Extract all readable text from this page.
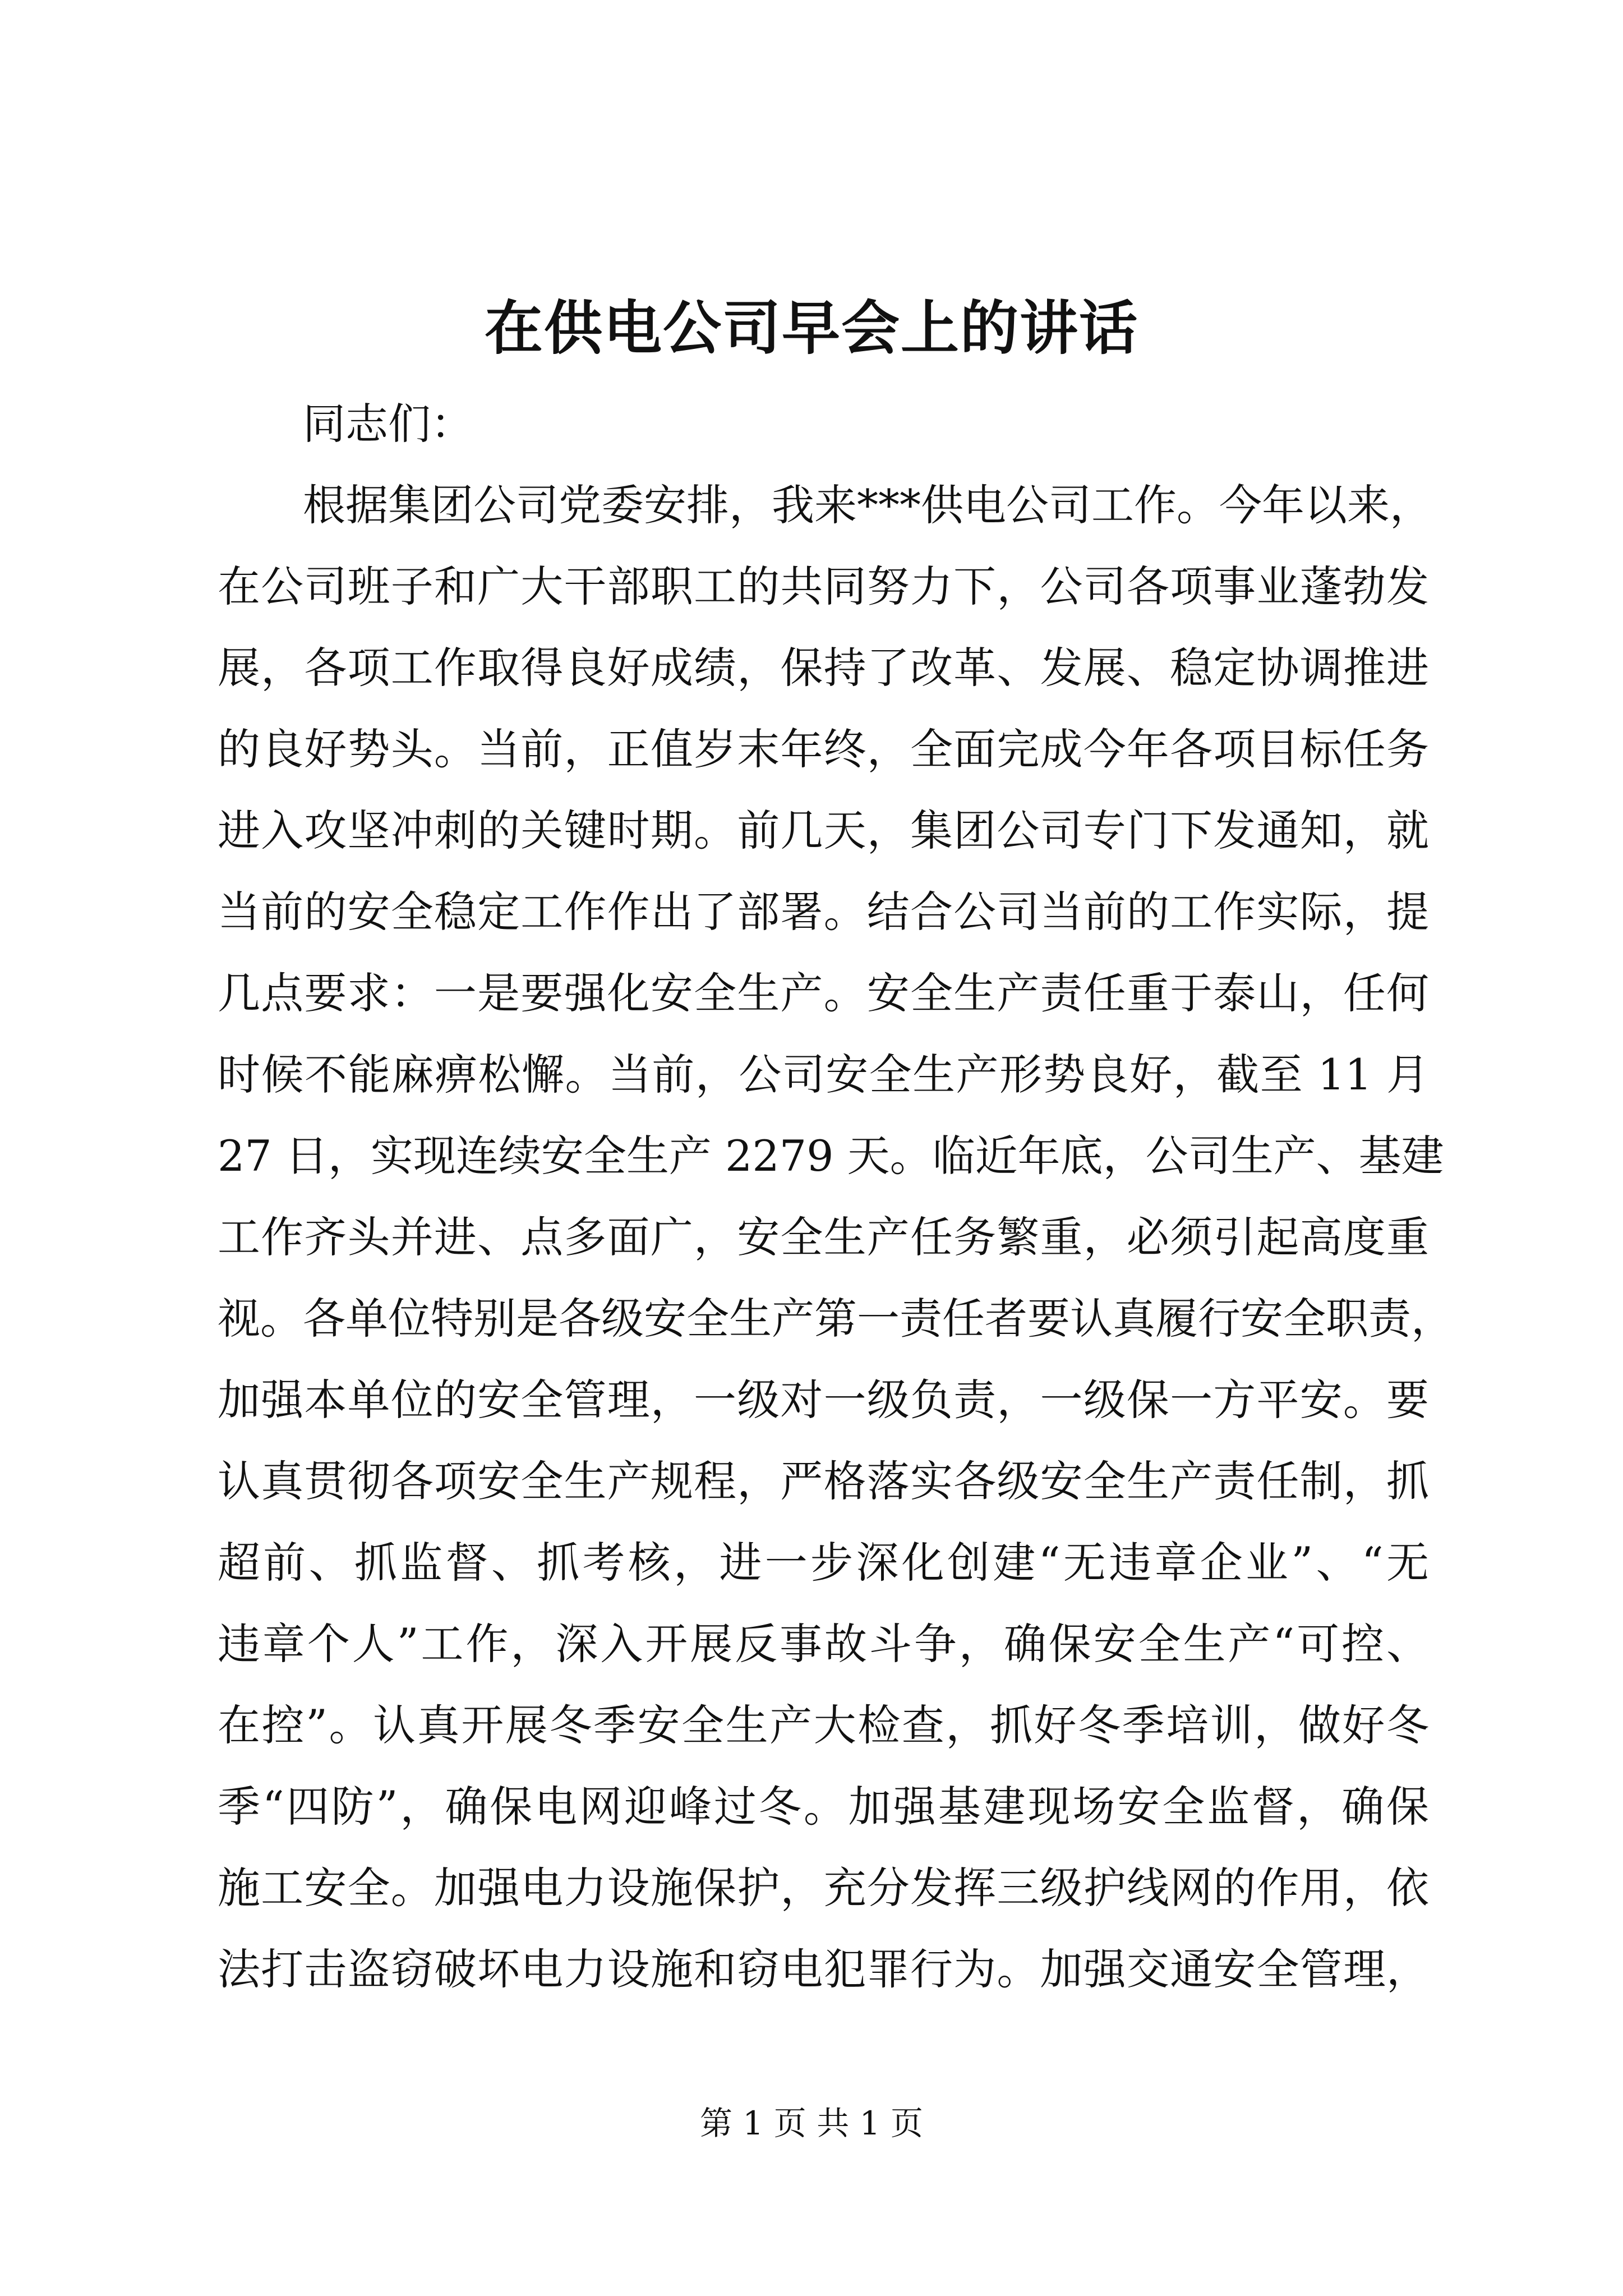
在供电公司早会上的讲话
同志们：
根据集团公司党委安排，我来***供电公司工作。今年以来，
在公司班子和广大干部职工的共同努力下，公司各项事业蓬勃发
展，各项工作取得良好成绩，保持了改革、发展、稳定协调推进
的良好势头。当前，正值岁末年终，全面完成今年各项目标任务
进入攻坚冲刺的关键时期。前几天，集团公司专门下发通知，就
当前的安全稳定工作作出了部署。结合公司当前的工作实际，提
几点要求：一是要强化安全生产。安全生产责任重于泰山，任何
时候不能麻痹松懈。当前，公司安全生产形势良好，截至 11 月
27 日，实现连续安全生产 2279 天。临近年底，公司生产、基建
工作齐头并进、点多面广，安全生产任务繁重，必须引起高度重
视。各单位特别是各级安全生产第一责任者要认真履行安全职责，
加强本单位的安全管理，一级对一级负责，一级保一方平安。要
认真贯彻各项安全生产规程，严格落实各级安全生产责任制，抓
超前、抓监督、抓考核，进一步深化创建“无违章企业”、“无
违章个人”工作，深入开展反事故斗争，确保安全生产“可控、
在控”。认真开展冬季安全生产大检查，抓好冬季培训，做好冬
季“四防”，确保电网迎峰过冬。加强基建现场安全监督，确保
施工安全。加强电力设施保护，充分发挥三级护线网的作用，依
法打击盗窃破坏电力设施和窃电犯罪行为。加强交通安全管理，
第 1 页 共 1 页
